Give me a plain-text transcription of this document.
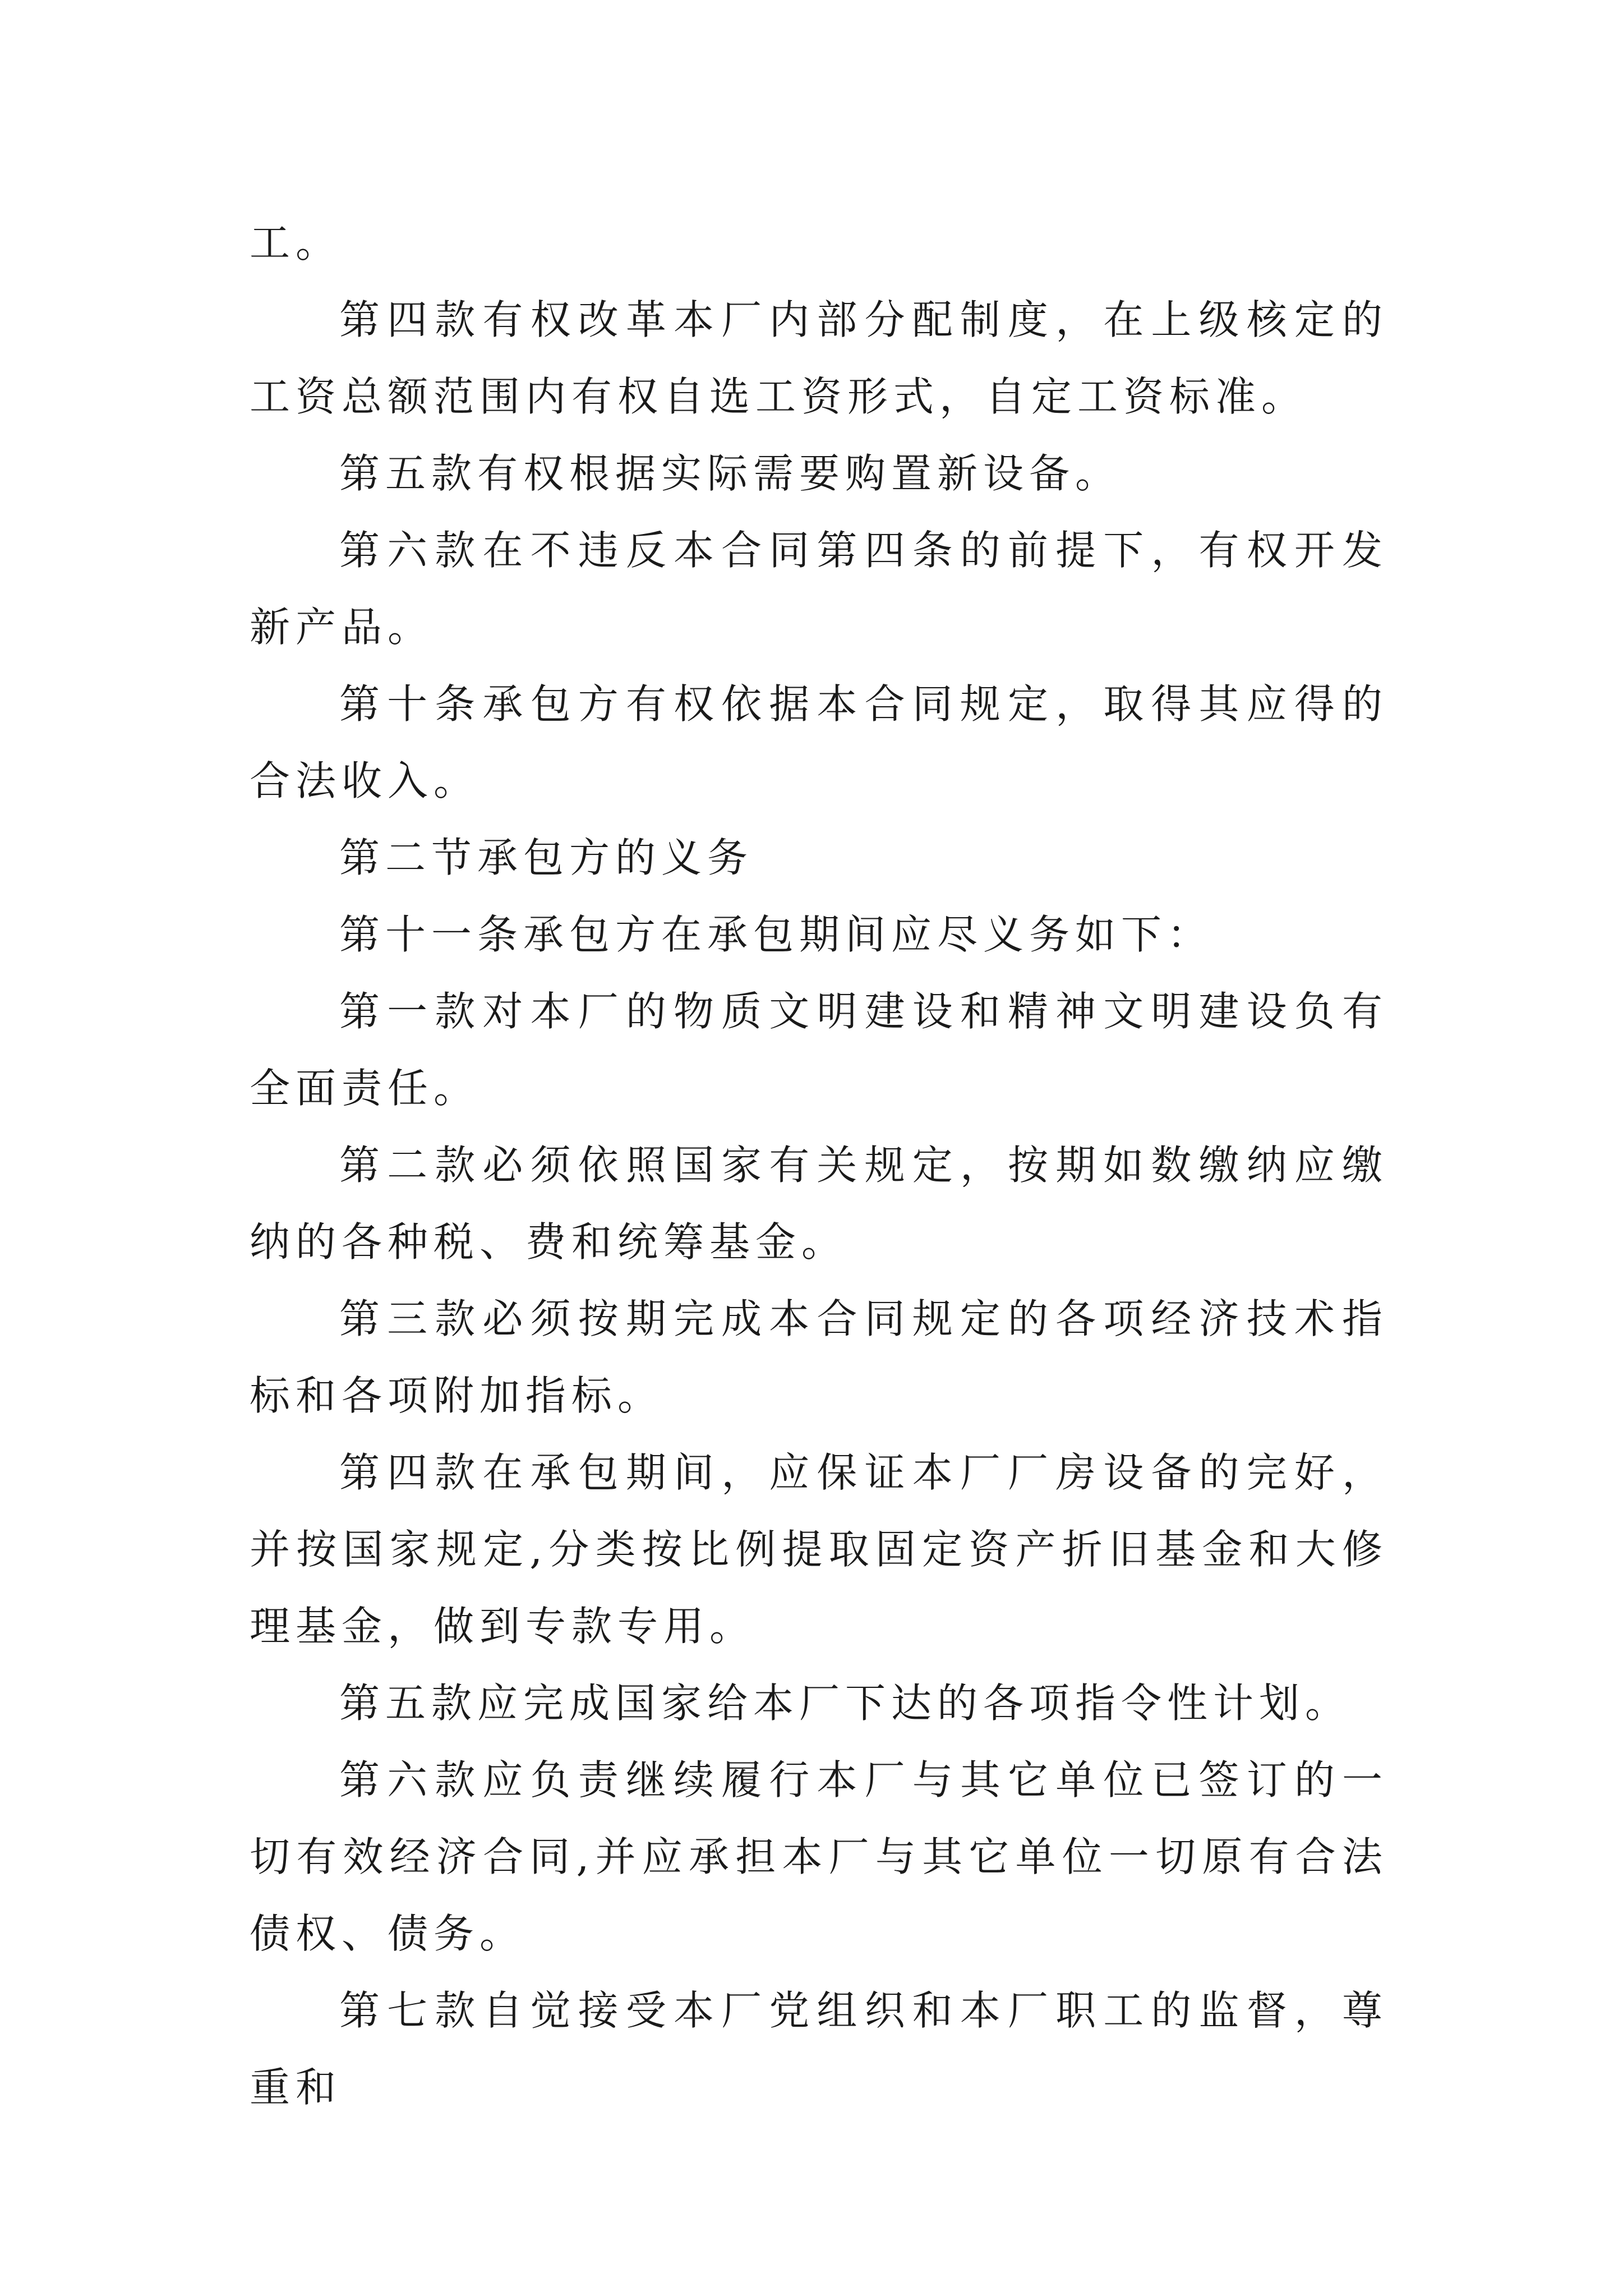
工。

第四款有权改革本厂内部分配制度，在上级核定的工资总额范围内有权自选工资形式，自定工资标准。

第五款有权根据实际需要购置新设备。

第六款在不违反本合同第四条的前提下，有权开发新产品。

第十条承包方有权依据本合同规定，取得其应得的合法收入。

第二节承包方的义务

第十一条承包方在承包期间应尽义务如下：

第一款对本厂的物质文明建设和精神文明建设负有全面责任。

第二款必须依照国家有关规定，按期如数缴纳应缴纳的各种税、费和统筹基金。

第三款必须按期完成本合同规定的各项经济技术指标和各项附加指标。

第四款在承包期间，应保证本厂厂房设备的完好，并按国家规定,分类按比例提取固定资产折旧基金和大修理基金，做到专款专用。

第五款应完成国家给本厂下达的各项指令性计划。

第六款应负责继续履行本厂与其它单位已签订的一切有效经济合同,并应承担本厂与其它单位一切原有合法债权、债务。

第七款自觉接受本厂党组织和本厂职工的监督，尊重和
